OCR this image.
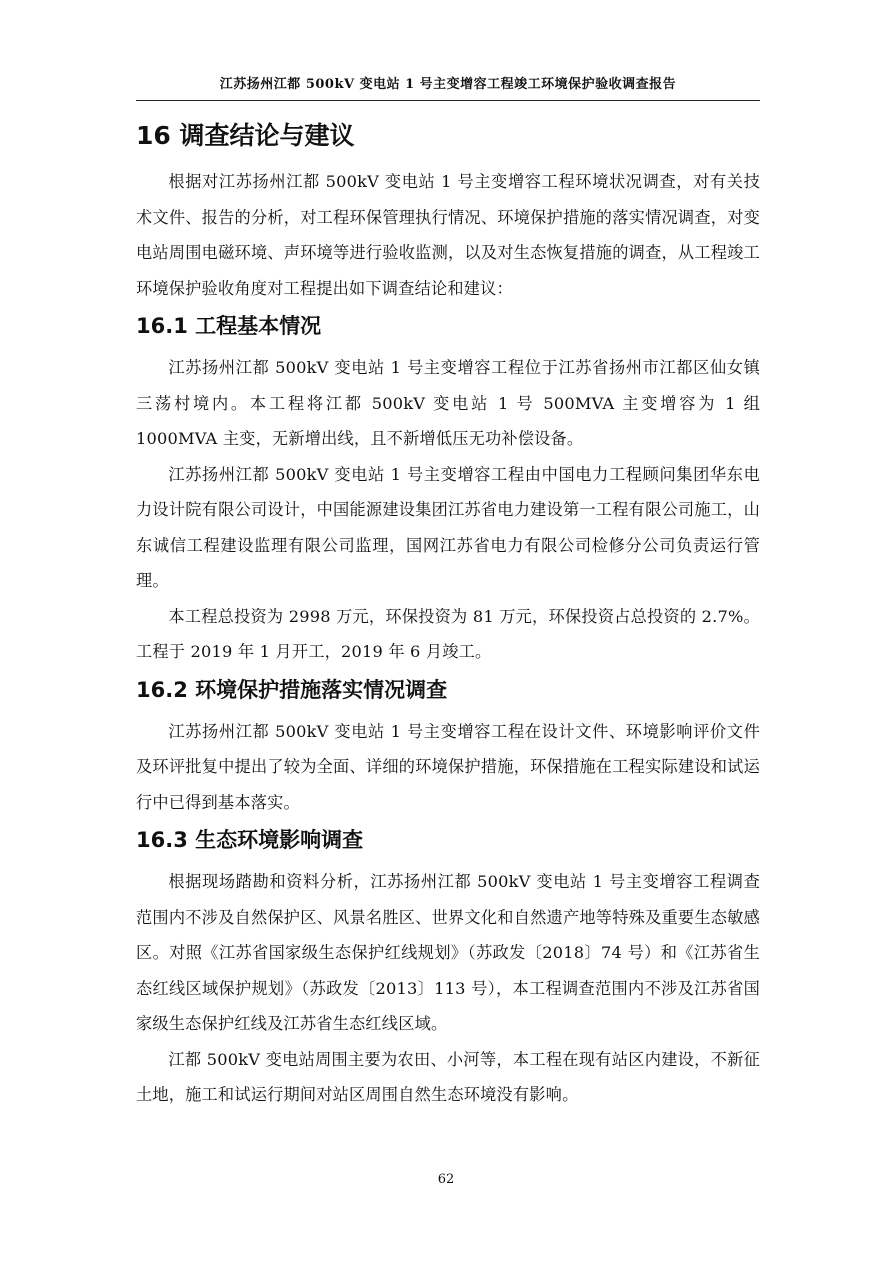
江苏扬州江都 500kV 变电站 1 号主变增容工程竣工环境保护验收调查报告
16 调查结论与建议

根据对江苏扬州江都 500kV 变电站 1 号主变增容工程环境状况调查，对有关技术文件、报告的分析，对工程环保管理执行情况、环境保护措施的落实情况调查，对变电站周围电磁环境、声环境等进行验收监测，以及对生态恢复措施的调查，从工程竣工环境保护验收角度对工程提出如下调查结论和建议：

16.1 工程基本情况

江苏扬州江都 500kV 变电站 1 号主变增容工程位于江苏省扬州市江都区仙女镇三荡村境内。本工程将江都 500kV 变电站 1 号 500MVA 主变增容为 1 组 1000MVA 主变，无新增出线，且不新增低压无功补偿设备。

江苏扬州江都 500kV 变电站 1 号主变增容工程由中国电力工程顾问集团华东电力设计院有限公司设计，中国能源建设集团江苏省电力建设第一工程有限公司施工，山东诚信工程建设监理有限公司监理，国网江苏省电力有限公司检修分公司负责运行管理。

本工程总投资为 2998 万元，环保投资为 81 万元，环保投资占总投资的 2.7%。工程于 2019 年 1 月开工，2019 年 6 月竣工。

16.2 环境保护措施落实情况调查

江苏扬州江都 500kV 变电站 1 号主变增容工程在设计文件、环境影响评价文件及环评批复中提出了较为全面、详细的环境保护措施，环保措施在工程实际建设和试运行中已得到基本落实。

16.3 生态环境影响调查

根据现场踏勘和资料分析，江苏扬州江都 500kV 变电站 1 号主变增容工程调查范围内不涉及自然保护区、风景名胜区、世界文化和自然遗产地等特殊及重要生态敏感区。对照《江苏省国家级生态保护红线规划》（苏政发〔2018〕74 号）和《江苏省生态红线区域保护规划》（苏政发〔2013〕113 号），本工程调查范围内不涉及江苏省国家级生态保护红线及江苏省生态红线区域。

江都 500kV 变电站周围主要为农田、小河等，本工程在现有站区内建设，不新征土地，施工和试运行期间对站区周围自然生态环境没有影响。

62
